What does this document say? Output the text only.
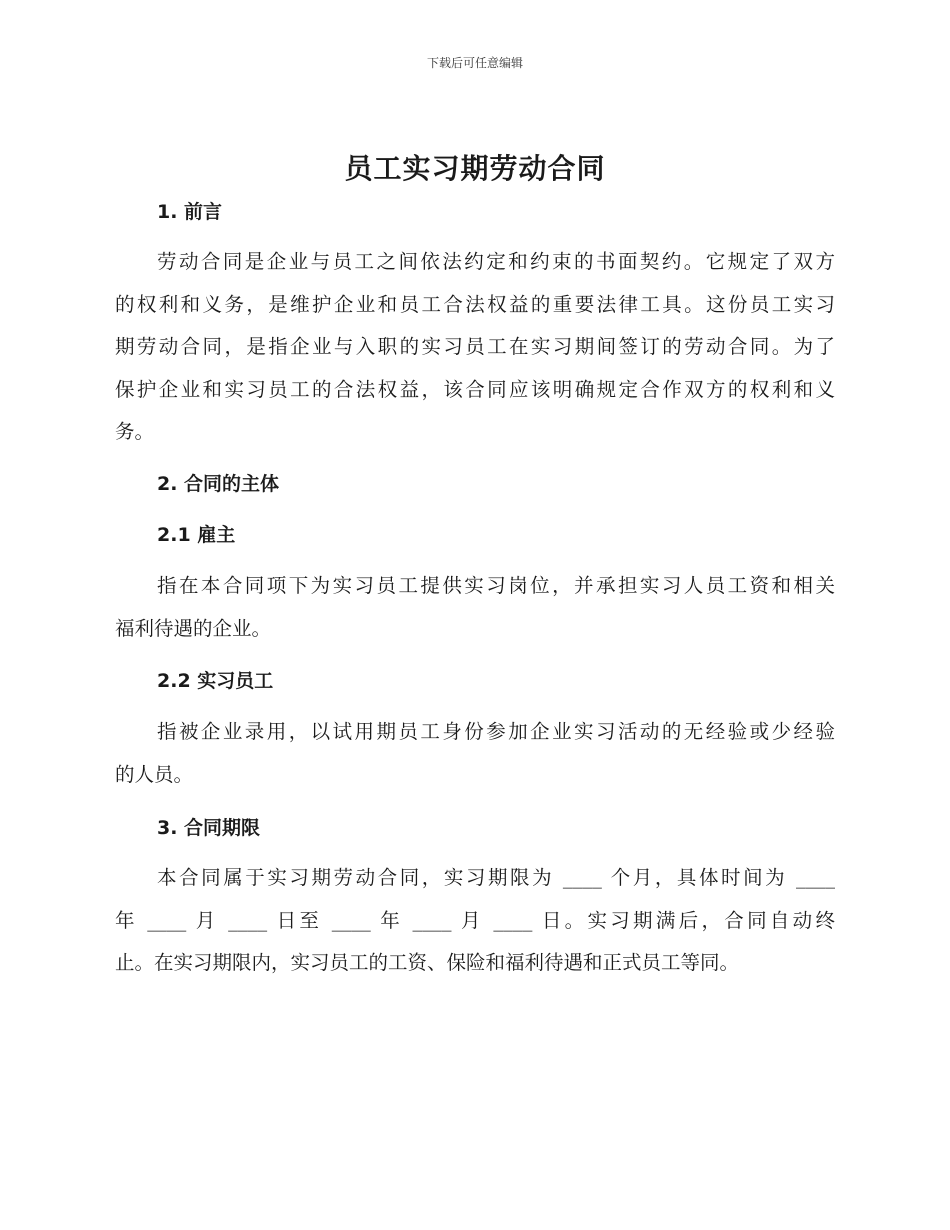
下载后可任意编辑
员工实习期劳动合同
1. 前言
劳动合同是企业与员工之间依法约定和约束的书面契约。它规定了双方
的权利和义务，是维护企业和员工合法权益的重要法律工具。这份员工实习
期劳动合同，是指企业与入职的实习员工在实习期间签订的劳动合同。为了
保护企业和实习员工的合法权益，该合同应该明确规定合作双方的权利和义
务。
2. 合同的主体
2.1 雇主
指在本合同项下为实习员工提供实习岗位，并承担实习人员工资和相关
福利待遇的企业。
2.2 实习员工
指被企业录用，以试用期员工身份参加企业实习活动的无经验或少经验
的人员。
3. 合同期限
本合同属于实习期劳动合同，实习期限为 ____ 个月，具体时间为 ____
年 ____ 月 ____ 日至 ____ 年 ____ 月 ____ 日。实习期满后，合同自动终
止。在实习期限内，实习员工的工资、保险和福利待遇和正式员工等同。
